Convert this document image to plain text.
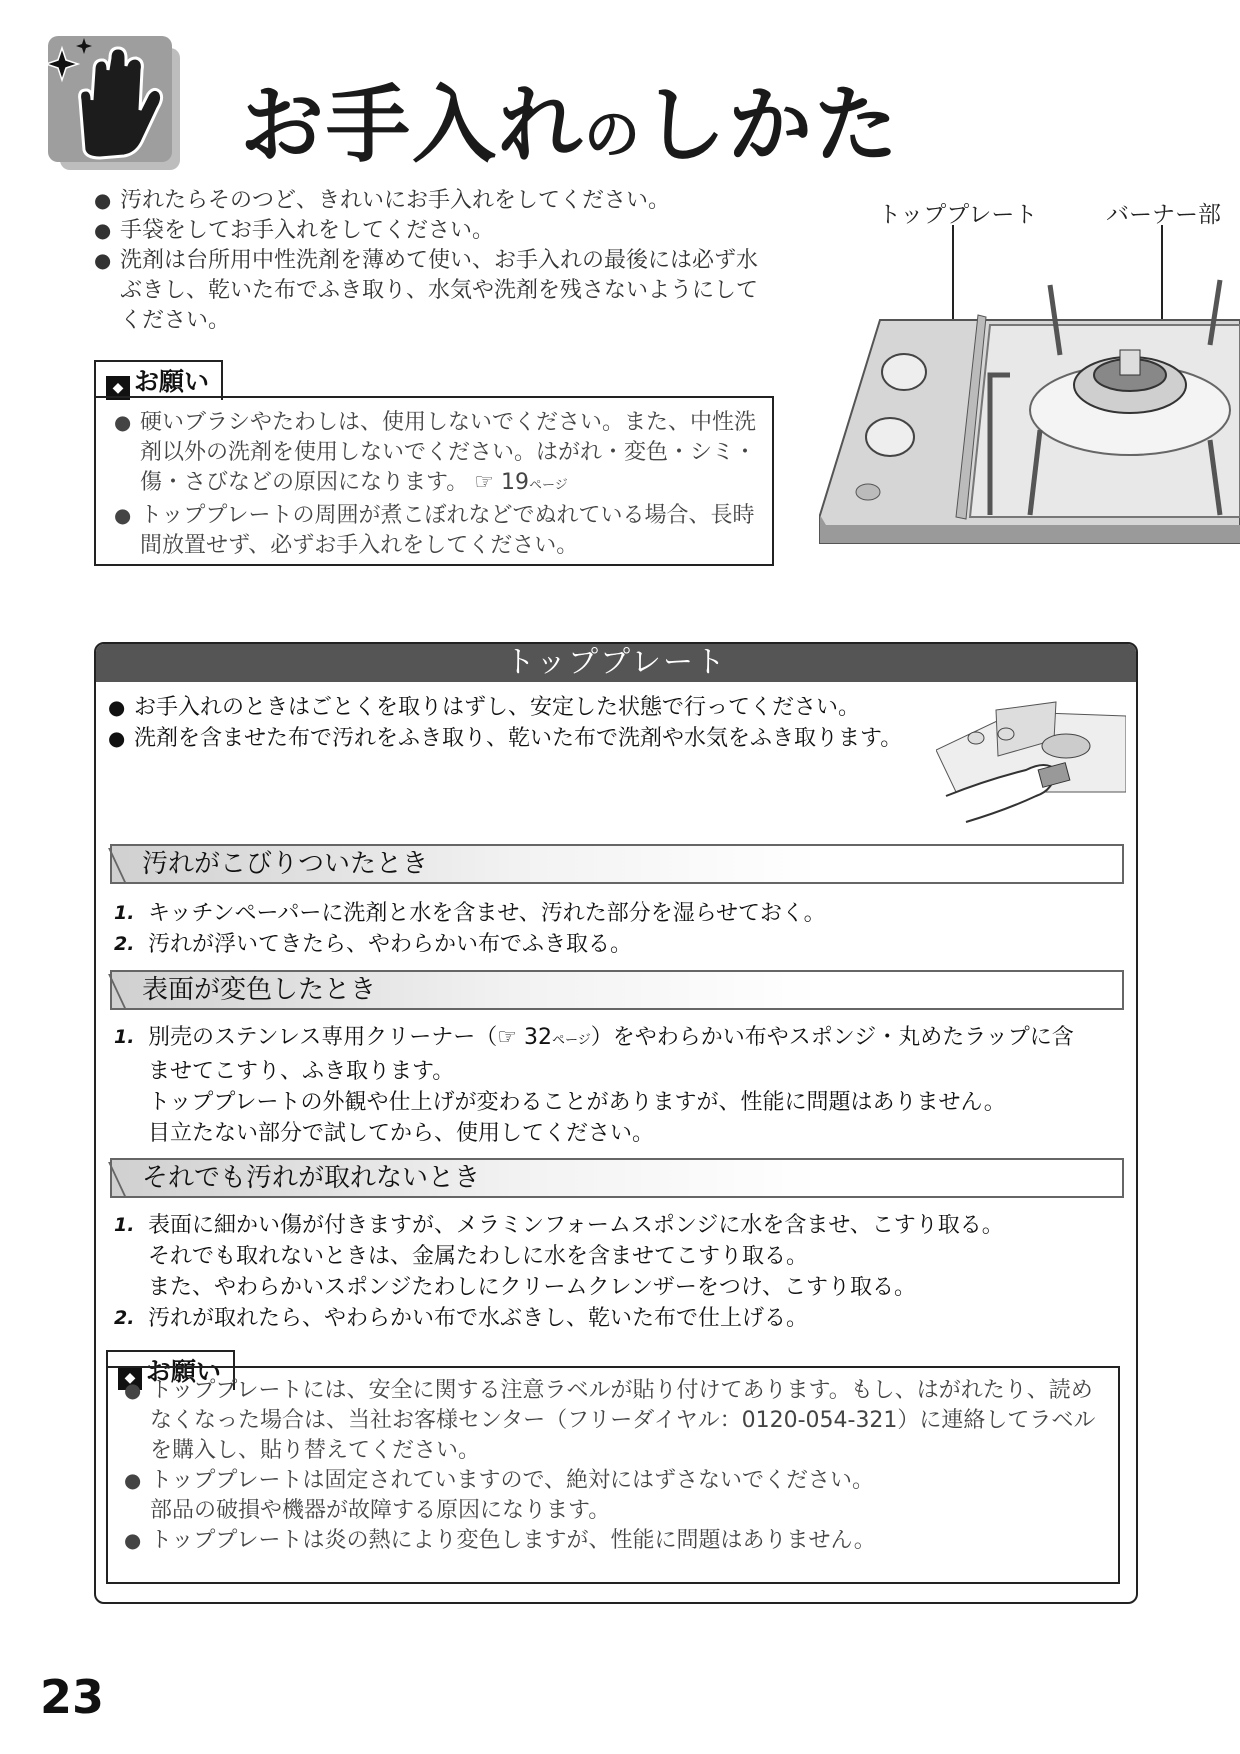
お手入れのしかた
● 汚れたらそのつど、きれいにお手入れをしてください。
● 手袋をしてお手入れをしてください。
● 洗剤は台所用中性洗剤を薄めて使い、お手入れの最後には必ず水ぶきし、乾いた布でふき取り、水気や洗剤を残さないようにしてください。
◆ お願い
● 硬いブラシやたわしは、使用しないでください。また、中性洗剤以外の洗剤を使用しないでください。はがれ・変色・シミ・傷・さびなどの原因になります。 ☞ 19ページ
● トッププレートの周囲が煮こぼれなどでぬれている場合、長時間放置せず、必ずお手入れをしてください。
トッププレート	バーナー部
トッププレート
● お手入れのときはごとくを取りはずし、安定した状態で行ってください。
● 洗剤を含ませた布で汚れをふき取り、乾いた布で洗剤や水気をふき取ります。
汚れがこびりついたとき
1. キッチンペーパーに洗剤と水を含ませ、汚れた部分を湿らせておく。
2. 汚れが浮いてきたら、やわらかい布でふき取る。
表面が変色したとき
1. 別売のステンレス専用クリーナー（☞ 32ページ）をやわらかい布やスポンジ・丸めたラップに含ませてこすり、ふき取ります。
トッププレートの外観や仕上げが変わることがありますが、性能に問題はありません。
目立たない部分で試してから、使用してください。
それでも汚れが取れないとき
1. 表面に細かい傷が付きますが、メラミンフォームスポンジに水を含ませ、こすり取る。
それでも取れないときは、金属たわしに水を含ませてこすり取る。
また、やわらかいスポンジたわしにクリームクレンザーをつけ、こすり取る。
2. 汚れが取れたら、やわらかい布で水ぶきし、乾いた布で仕上げる。
◆ お願い
● トッププレートには、安全に関する注意ラベルが貼り付けてあります。もし、はがれたり、読めなくなった場合は、当社お客様センター（フリーダイヤル：0120-054-321）に連絡してラベルを購入し、貼り替えてください。
● トッププレートは固定されていますので、絶対にはずさないでください。
部品の破損や機器が故障する原因になります。
● トッププレートは炎の熱により変色しますが、性能に問題はありません。
23
